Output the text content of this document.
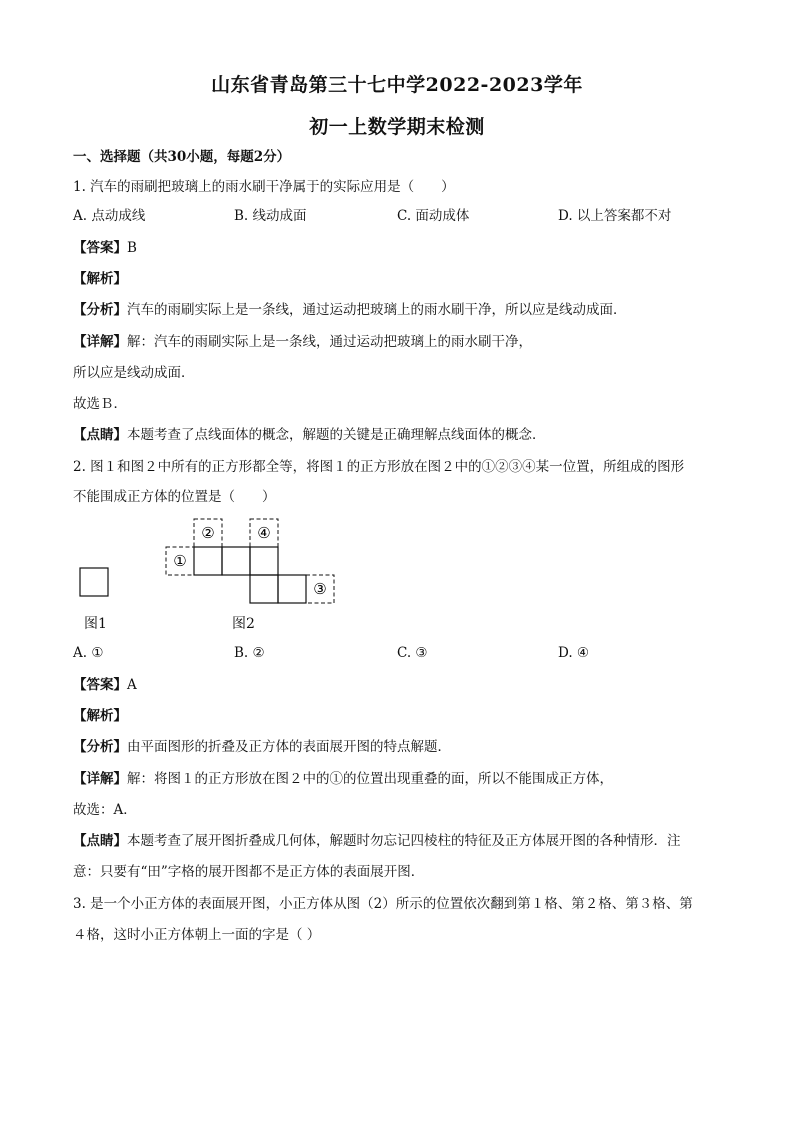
山东省青岛第三十七中学2022-2023学年
初一上数学期末检测
一、选择题（共30小题，每题2分）
1. 汽车的雨刷把玻璃上的雨水刷干净属于的实际应用是（　　）
A. 点动成线	B. 线动成面	C. 面动成体	D. 以上答案都不对
【答案】B
【解析】
【分析】汽车的雨刷实际上是一条线，通过运动把玻璃上的雨水刷干净，所以应是线动成面．
【详解】解：汽车的雨刷实际上是一条线，通过运动把玻璃上的雨水刷干净，
所以应是线动成面．
故选Ｂ．
【点睛】本题考查了点线面体的概念，解题的关键是正确理解点线面体的概念．
2. 图１和图２中所有的正方形都全等，将图１的正方形放在图２中的①②③④某一位置，所组成的图形
不能围成正方体的位置是（　　）
①
②
③
④
图1	图2
A. ①	B. ②	C. ③	D. ④
【答案】A
【解析】
【分析】由平面图形的折叠及正方体的表面展开图的特点解题．
【详解】解：将图１的正方形放在图２中的①的位置出现重叠的面，所以不能围成正方体，
故选：A．
【点睛】本题考查了展开图折叠成几何体，解题时勿忘记四棱柱的特征及正方体展开图的各种情形．注
意：只要有“田”字格的展开图都不是正方体的表面展开图．
3. 是一个小正方体的表面展开图，小正方体从图（2）所示的位置依次翻到第１格、第２格、第３格、第
４格，这时小正方体朝上一面的字是（ ）
